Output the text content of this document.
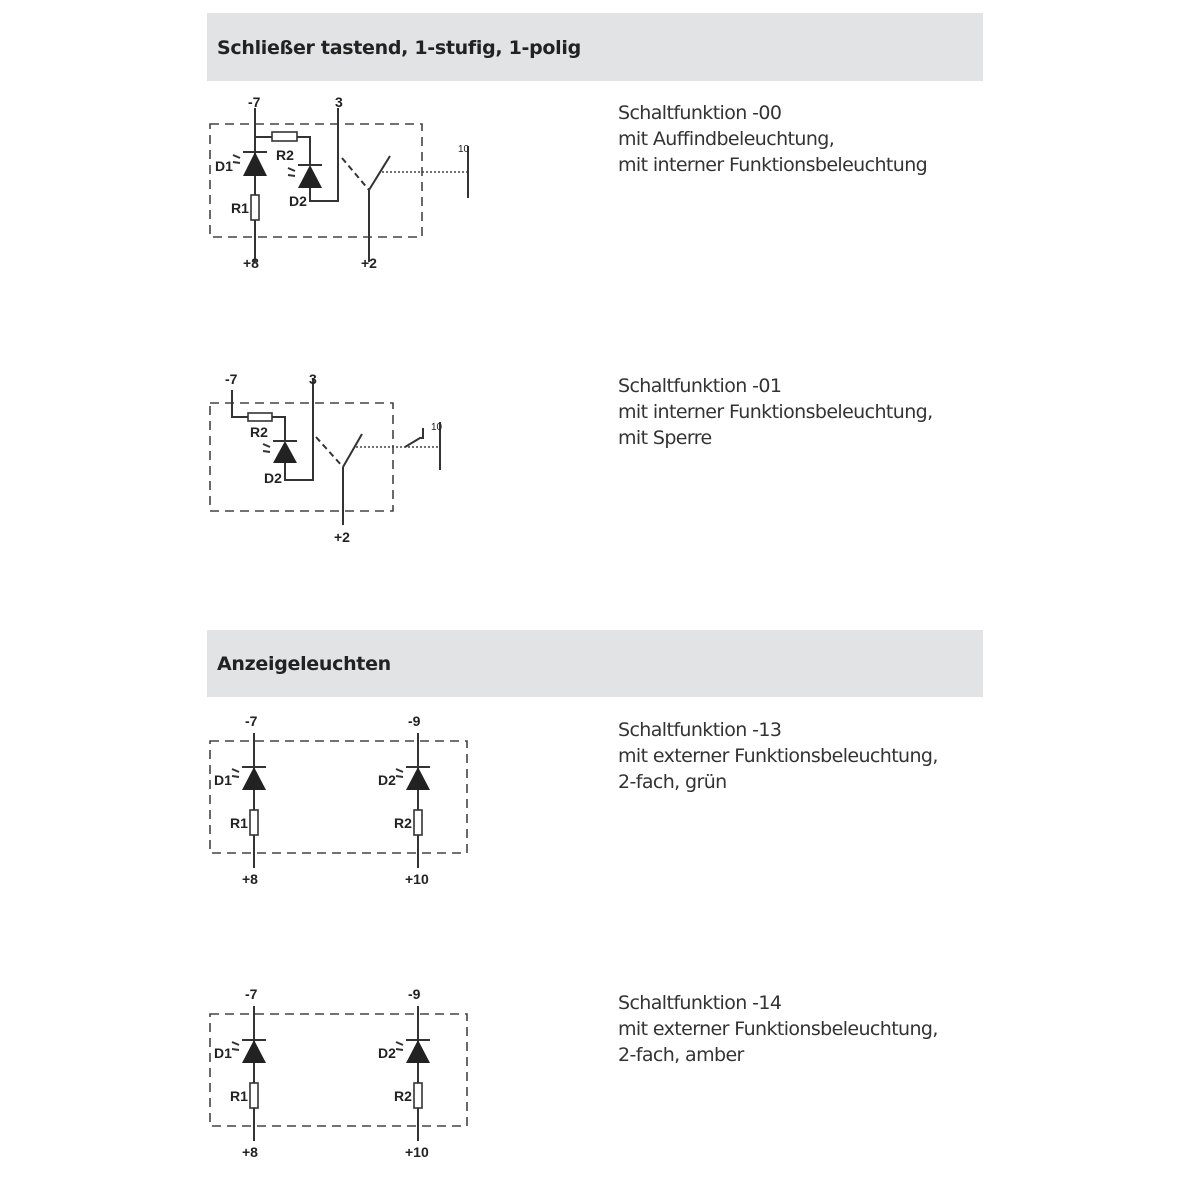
Schließer tastend, 1-stufig, 1-polig
Anzeigeleuchten
Schaltfunktion -00
mit Auffindbeleuchtung,
mit interner Funktionsbeleuchtung
Schaltfunktion -01
mit interner Funktionsbeleuchtung,
mit Sperre
Schaltfunktion -13
mit externer Funktionsbeleuchtung,
2-fach, grün
Schaltfunktion -14
mit externer Funktionsbeleuchtung,
2-fach, amber
-7	3
D1
R2
D2
R1
+8	+2
10
-7	3
R2
D2
+2
10
-7	-9
D1	D2
R1	R2
+8	+10
-7	-9
D1	D2
R1	R2
+8	+10
